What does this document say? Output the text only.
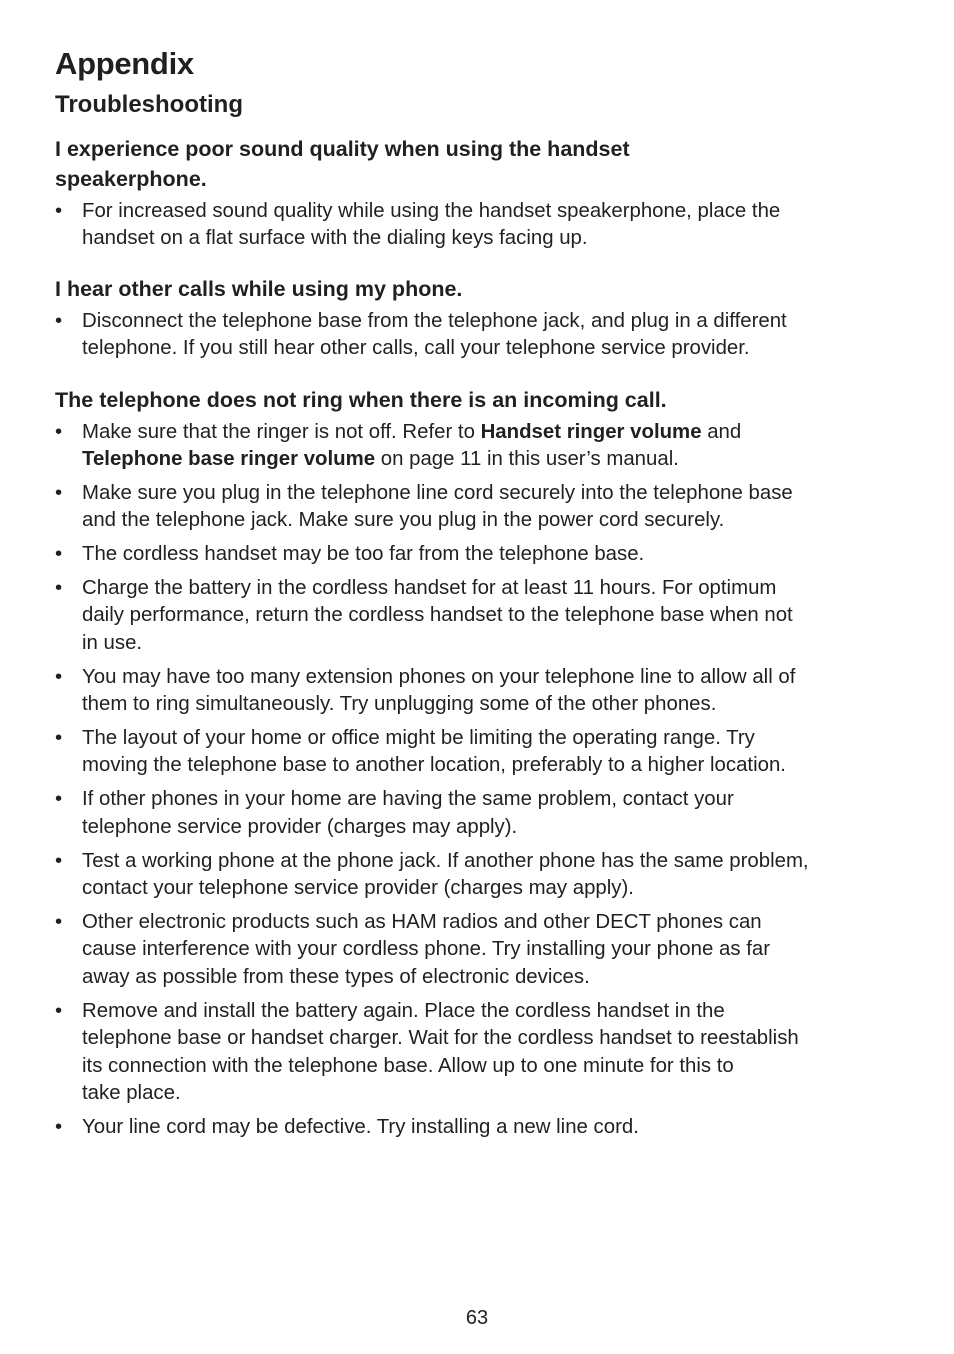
Appendix
Troubleshooting

I experience poor sound quality when using the handset
speakerphone.

• For increased sound quality while using the handset speakerphone, place the
handset on a flat surface with the dialing keys facing up.

I hear other calls while using my phone.

• Disconnect the telephone base from the telephone jack, and plug in a different
telephone. If you still hear other calls, call your telephone service provider.

The telephone does not ring when there is an incoming call.

• Make sure that the ringer is not off. Refer to Handset ringer volume and
Telephone base ringer volume on page 11 in this user’s manual.
• Make sure you plug in the telephone line cord securely into the telephone base
and the telephone jack. Make sure you plug in the power cord securely.
• The cordless handset may be too far from the telephone base.
• Charge the battery in the cordless handset for at least 11 hours. For optimum
daily performance, return the cordless handset to the telephone base when not
in use.
• You may have too many extension phones on your telephone line to allow all of
them to ring simultaneously. Try unplugging some of the other phones.
• The layout of your home or office might be limiting the operating range. Try
moving the telephone base to another location, preferably to a higher location.
• If other phones in your home are having the same problem, contact your
telephone service provider (charges may apply).
• Test a working phone at the phone jack. If another phone has the same problem,
contact your telephone service provider (charges may apply).
• Other electronic products such as HAM radios and other DECT phones can
cause interference with your cordless phone. Try installing your phone as far
away as possible from these types of electronic devices.
• Remove and install the battery again. Place the cordless handset in the
telephone base or handset charger. Wait for the cordless handset to reestablish
its connection with the telephone base. Allow up to one minute for this to
take place.
• Your line cord may be defective. Try installing a new line cord.
63
